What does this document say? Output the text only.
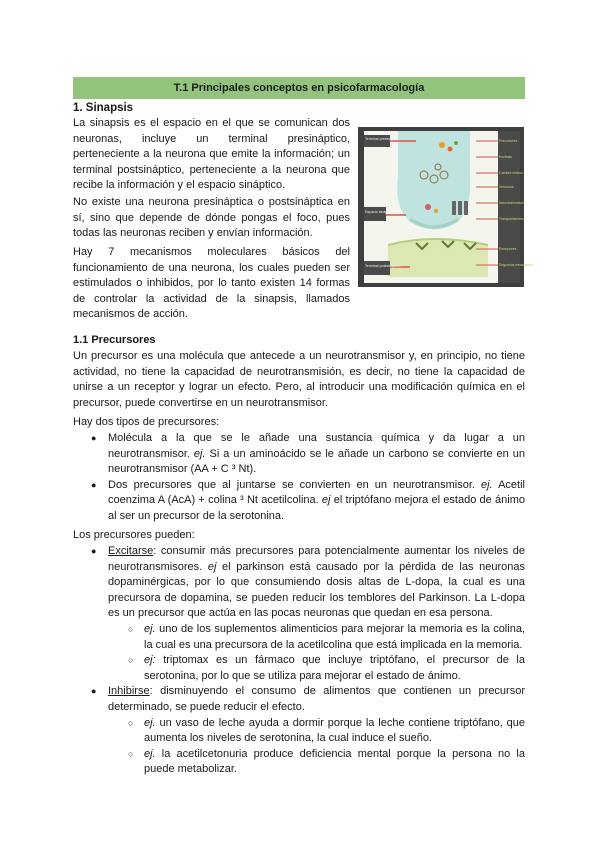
T.1 Principales conceptos en psicofarmacología
1. Sinapsis

La sinapsis es el espacio en el que se comunican dos neuronas, incluye un terminal presináptico, perteneciente a la neurona que emite la información; un terminal postsináptico, perteneciente a la neurona que recibe la información y el espacio sináptico.

No existe una neurona presináptica o postsináptica en sí, sino que depende de dónde pongas el foco, pues todas las neuronas reciben y envían información.

Hay 7 mecanismos moleculares básicos del funcionamiento de una neurona, los cuales pueden ser estimulados o inhibidos, por lo tanto existen 14 formas de controlar la actividad de la sinapsis, llamados mecanismos de acción.

Terminal presináptico
Espacio sináptico
Terminal postsináptico
Precursores
Enzimas
Canales iónicos
Vesículas
Neurotransmisor
Transportadores
Receptores
Segundos mensajeros
1.1 Precursores

Un precursor es una molécula que antecede a un neurotransmisor y, en principio, no tiene actividad, no tiene la capacidad de neurotransmisión, es decir, no tiene la capacidad de unirse a un receptor y lograr un efecto. Pero, al introducir una modificación química en el precursor, puede convertirse en un neurotransmisor.

Hay dos tipos de precursores:

● Molécula a la que se le añade una sustancia química y da lugar a un neurotransmisor. ej. Si a un aminoácido se le añade un carbono se convierte en un neurotransmisor (AA + C ³ Nt).
● Dos precursores que al juntarse se convierten en un neurotransmisor. ej. Acetil coenzima A (AcA) + colina ³ Nt acetilcolina. ej el triptófano mejora el estado de ánimo al ser un precursor de la serotonina.

Los precursores pueden:

● Excitarse: consumir más precursores para potencialmente aumentar los niveles de neurotransmisores. ej el parkinson está causado por la pérdida de las neuronas dopaminérgicas, por lo que consumiendo dosis altas de L-dopa, la cual es una precursora de dopamina, se pueden reducir los temblores del Parkinson. La L-dopa es un precursor que actúa en las pocas neuronas que quedan en esa persona.
○ ej. uno de los suplementos alimenticios para mejorar la memoria es la colina, la cual es una precursora de la acetilcolina que está implicada en la memoria.
○ ej: triptomax es un fármaco que incluye triptófano, el precursor de la serotonina, por lo que se utiliza para mejorar el estado de ánimo.
● Inhibirse: disminuyendo el consumo de alimentos que contienen un precursor determinado, se puede reducir el efecto.
○ ej. un vaso de leche ayuda a dormir porque la leche contiene triptófano, que aumenta los niveles de serotonina, la cual induce el sueño.
○ ej. la acetilcetonuria produce deficiencia mental porque la persona no la puede metabolizar.
